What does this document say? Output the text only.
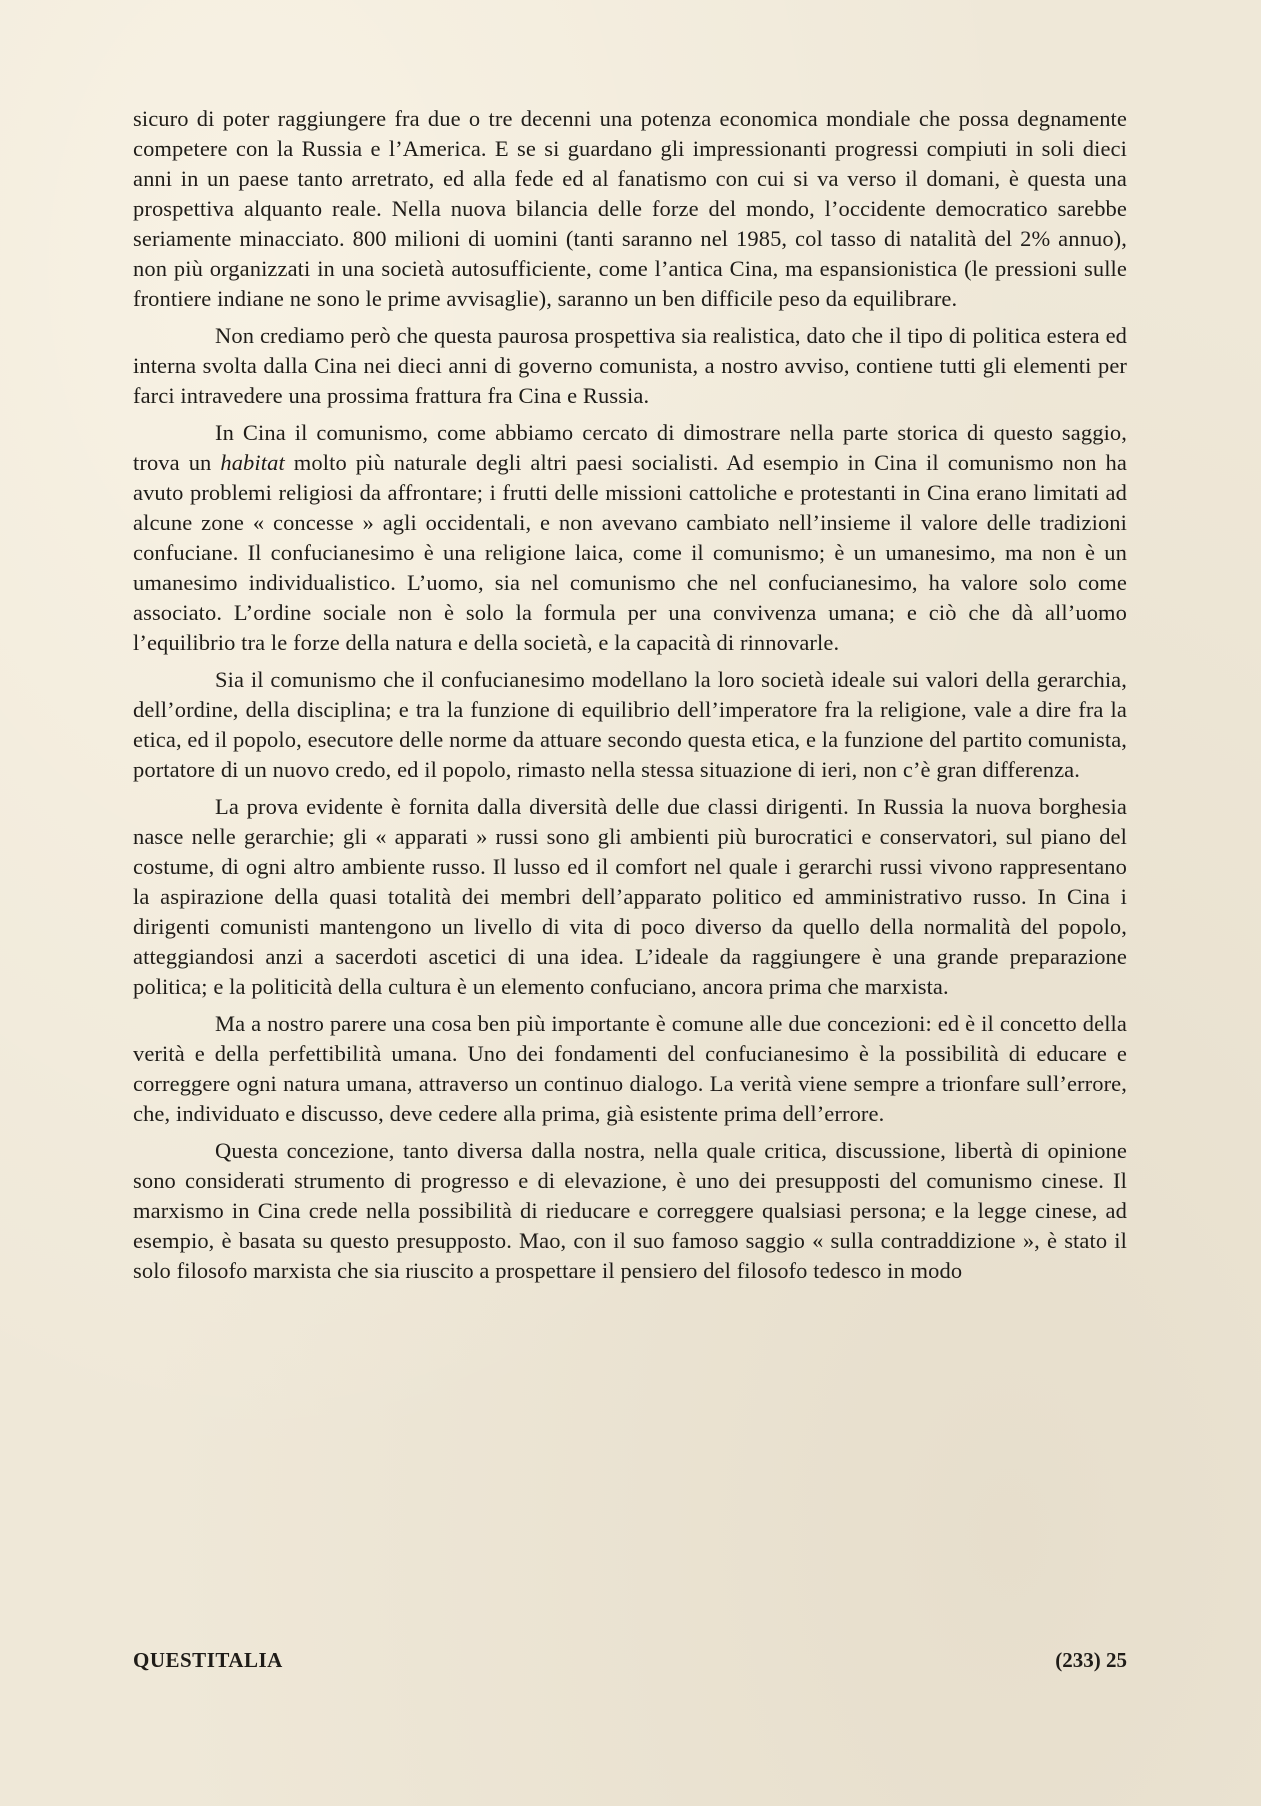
sicuro di poter raggiungere fra due o tre decenni una potenza economica mondiale che possa degnamente competere con la Russia e l’America. E se si guardano gli impressionanti progressi compiuti in soli dieci anni in un paese tanto arretrato, ed alla fede ed al fanatismo con cui si va verso il domani, è questa una prospettiva alquanto reale. Nella nuova bilancia delle forze del mondo, l’occidente democratico sarebbe seriamente minacciato. 800 milioni di uomini (tanti saranno nel 1985, col tasso di natalità del 2% annuo), non più organizzati in una società autosufficiente, come l’antica Cina, ma espansionistica (le pressioni sulle frontiere indiane ne sono le prime avvisaglie), saranno un ben difficile peso da equilibrare.

Non crediamo però che questa paurosa prospettiva sia realistica, dato che il tipo di politica estera ed interna svolta dalla Cina nei dieci anni di governo comunista, a nostro avviso, contiene tutti gli elementi per farci intravedere una prossima frattura fra Cina e Russia.

In Cina il comunismo, come abbiamo cercato di dimostrare nella parte storica di questo saggio, trova un habitat molto più naturale degli altri paesi socialisti. Ad esempio in Cina il comunismo non ha avuto problemi religiosi da affrontare; i frutti delle missioni cattoliche e protestanti in Cina erano limitati ad alcune zone « concesse » agli occidentali, e non avevano cambiato nell’insieme il valore delle tradizioni confuciane. Il confucianesimo è una religione laica, come il comunismo; è un umanesimo, ma non è un umanesimo individualistico. L’uomo, sia nel comunismo che nel confucianesimo, ha valore solo come associato. L’ordine sociale non è solo la formula per una convivenza umana; e ciò che dà all’uomo l’equilibrio tra le forze della natura e della società, e la capacità di rinnovarle.

Sia il comunismo che il confucianesimo modellano la loro società ideale sui valori della gerarchia, dell’ordine, della disciplina; e tra la funzione di equilibrio dell’imperatore fra la religione, vale a dire fra la etica, ed il popolo, esecutore delle norme da attuare secondo questa etica, e la funzione del partito comunista, portatore di un nuovo credo, ed il popolo, rimasto nella stessa situazione di ieri, non c’è gran differenza.

La prova evidente è fornita dalla diversità delle due classi dirigenti. In Russia la nuova borghesia nasce nelle gerarchie; gli « apparati » russi sono gli ambienti più burocratici e conservatori, sul piano del costume, di ogni altro ambiente russo. Il lusso ed il comfort nel quale i gerarchi russi vivono rappresentano la aspirazione della quasi totalità dei membri dell’apparato politico ed amministrativo russo. In Cina i dirigenti comunisti mantengono un livello di vita di poco diverso da quello della normalità del popolo, atteggiandosi anzi a sacerdoti ascetici di una idea. L’ideale da raggiungere è una grande preparazione politica; e la politicità della cultura è un elemento confuciano, ancora prima che marxista.

Ma a nostro parere una cosa ben più importante è comune alle due concezioni: ed è il concetto della verità e della perfettibilità umana. Uno dei fondamenti del confucianesimo è la possibilità di educare e correggere ogni natura umana, attraverso un continuo dialogo. La verità viene sempre a trionfare sull’errore, che, individuato e discusso, deve cedere alla prima, già esistente prima dell’errore.

Questa concezione, tanto diversa dalla nostra, nella quale critica, discussione, libertà di opinione sono considerati strumento di progresso e di elevazione, è uno dei presupposti del comunismo cinese. Il marxismo in Cina crede nella possibilità di rieducare e correggere qualsiasi persona; e la legge cinese, ad esempio, è basata su questo presupposto. Mao, con il suo famoso saggio « sulla contraddizione », è stato il solo filosofo marxista che sia riuscito a prospettare il pensiero del filosofo tedesco in modo

QUESTITALIA	(233) 25
